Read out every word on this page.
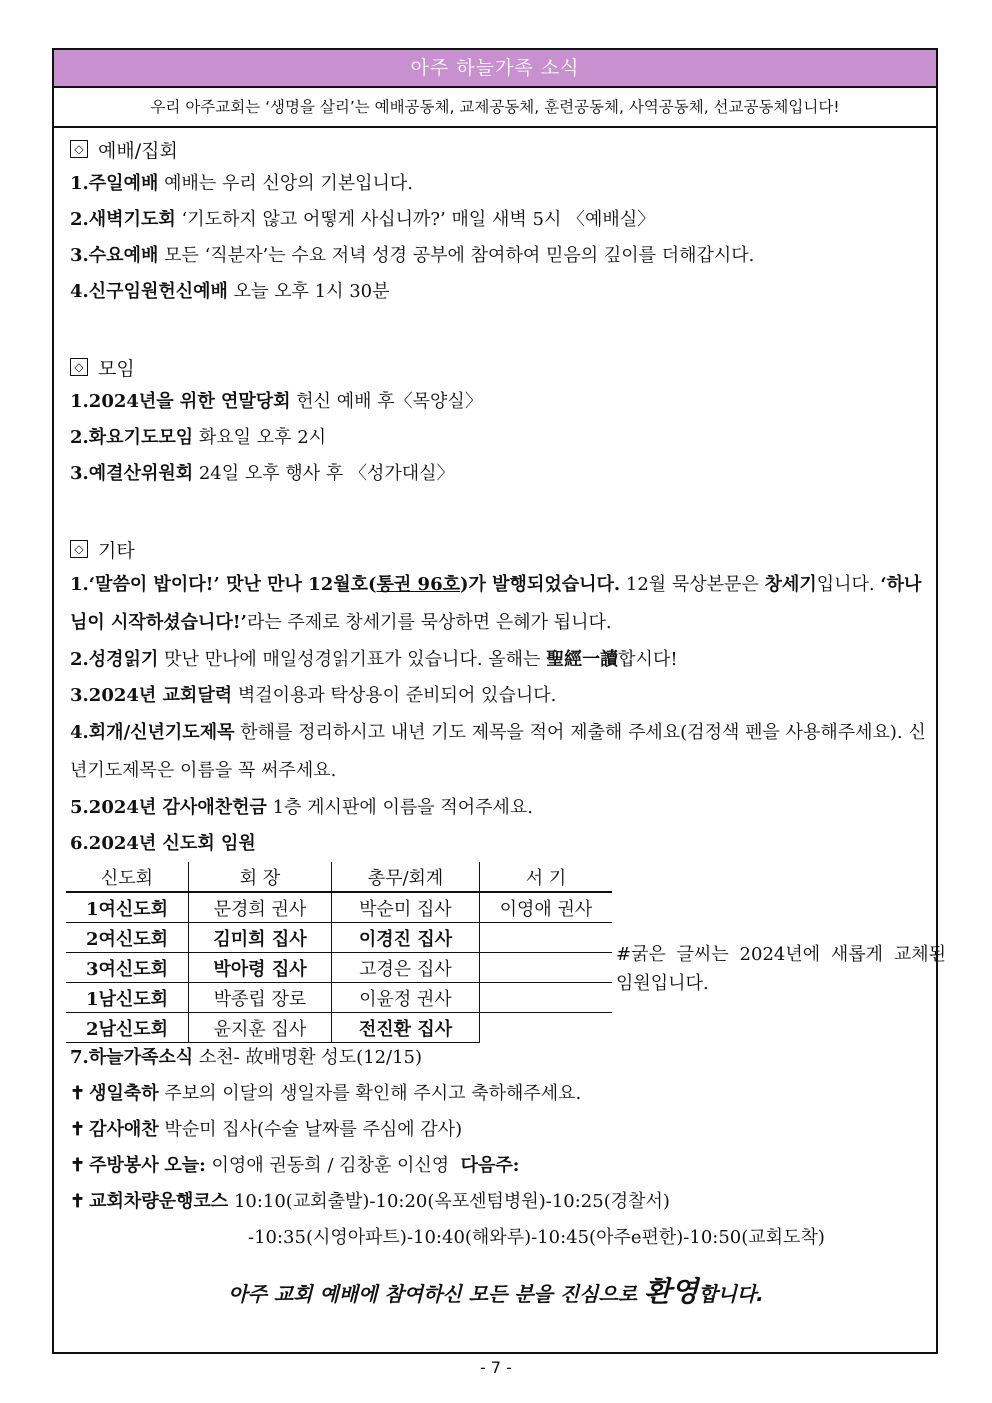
아주 하늘가족 소식
우리 아주교회는 ‘생명을 살리’는 예배공동체, 교제공동체, 훈련공동체, 사역공동체, 선교공동체입니다!
◇ 예배/집회
1.주일예배 예배는 우리 신앙의 기본입니다.
2.새벽기도회 ‘기도하지 않고 어떻게 사십니까?’ 매일 새벽 5시 〈예배실〉
3.수요예배 모든 ‘직분자’는 수요 저녁 성경 공부에 참여하여 믿음의 깊이를 더해갑시다.
4.신구임원헌신예배 오늘 오후 1시 30분
◇ 모임
1.2024년을 위한 연말당회 헌신 예배 후〈목양실〉
2.화요기도모임 화요일 오후 2시
3.예결산위원회 24일 오후 행사 후 〈성가대실〉
◇ 기타
1.‘말씀이 밥이다!’ 맛난 만나 12월호(통권 96호)가 발행되었습니다. 12월 묵상본문은 창세기입니다. ‘하나님이 시작하셨습니다!’라는 주제로 창세기를 묵상하면 은혜가 됩니다.
2.성경읽기 맛난 만나에 매일성경읽기표가 있습니다. 올해는 聖經一讀합시다!
3.2024년 교회달력 벽걸이용과 탁상용이 준비되어 있습니다.
4.회개/신년기도제목 한해를 정리하시고 내년 기도 제목을 적어 제출해 주세요(검정색 펜을 사용해주세요). 신년기도제목은 이름을 꼭 써주세요.
5.2024년 감사애찬헌금 1층 게시판에 이름을 적어주세요.
6.2024년 신도회 임원
신도회	회 장	총무/회계	서 기
1여신도회	문경희 권사	박순미 집사	이영애 권사
2여신도회	김미희 집사	이경진 집사	
3여신도회	박아령 집사	고경은 집사	
1남신도회	박종립 장로	이윤정 권사	
2남신도회	윤지훈 집사	전진환 집사	
#굵은 글씨는 2024년에 새롭게 교체된 임원입니다.
7.하늘가족소식 소천- 故배명환 성도(12/15)
✝ 생일축하 주보의 이달의 생일자를 확인해 주시고 축하해주세요.
✝ 감사애찬 박순미 집사(수술 날짜를 주심에 감사)
✝ 주방봉사 오늘: 이영애 권동희 / 김창훈 이신영 다음주:
✝ 교회차량운행코스 10:10(교회출발)-10:20(옥포센텀병원)-10:25(경찰서)
-10:35(시영아파트)-10:40(해와루)-10:45(아주e편한)-10:50(교회도착)
아주 교회 예배에 참여하신 모든 분을 진심으로 환영합니다.
- 7 -
